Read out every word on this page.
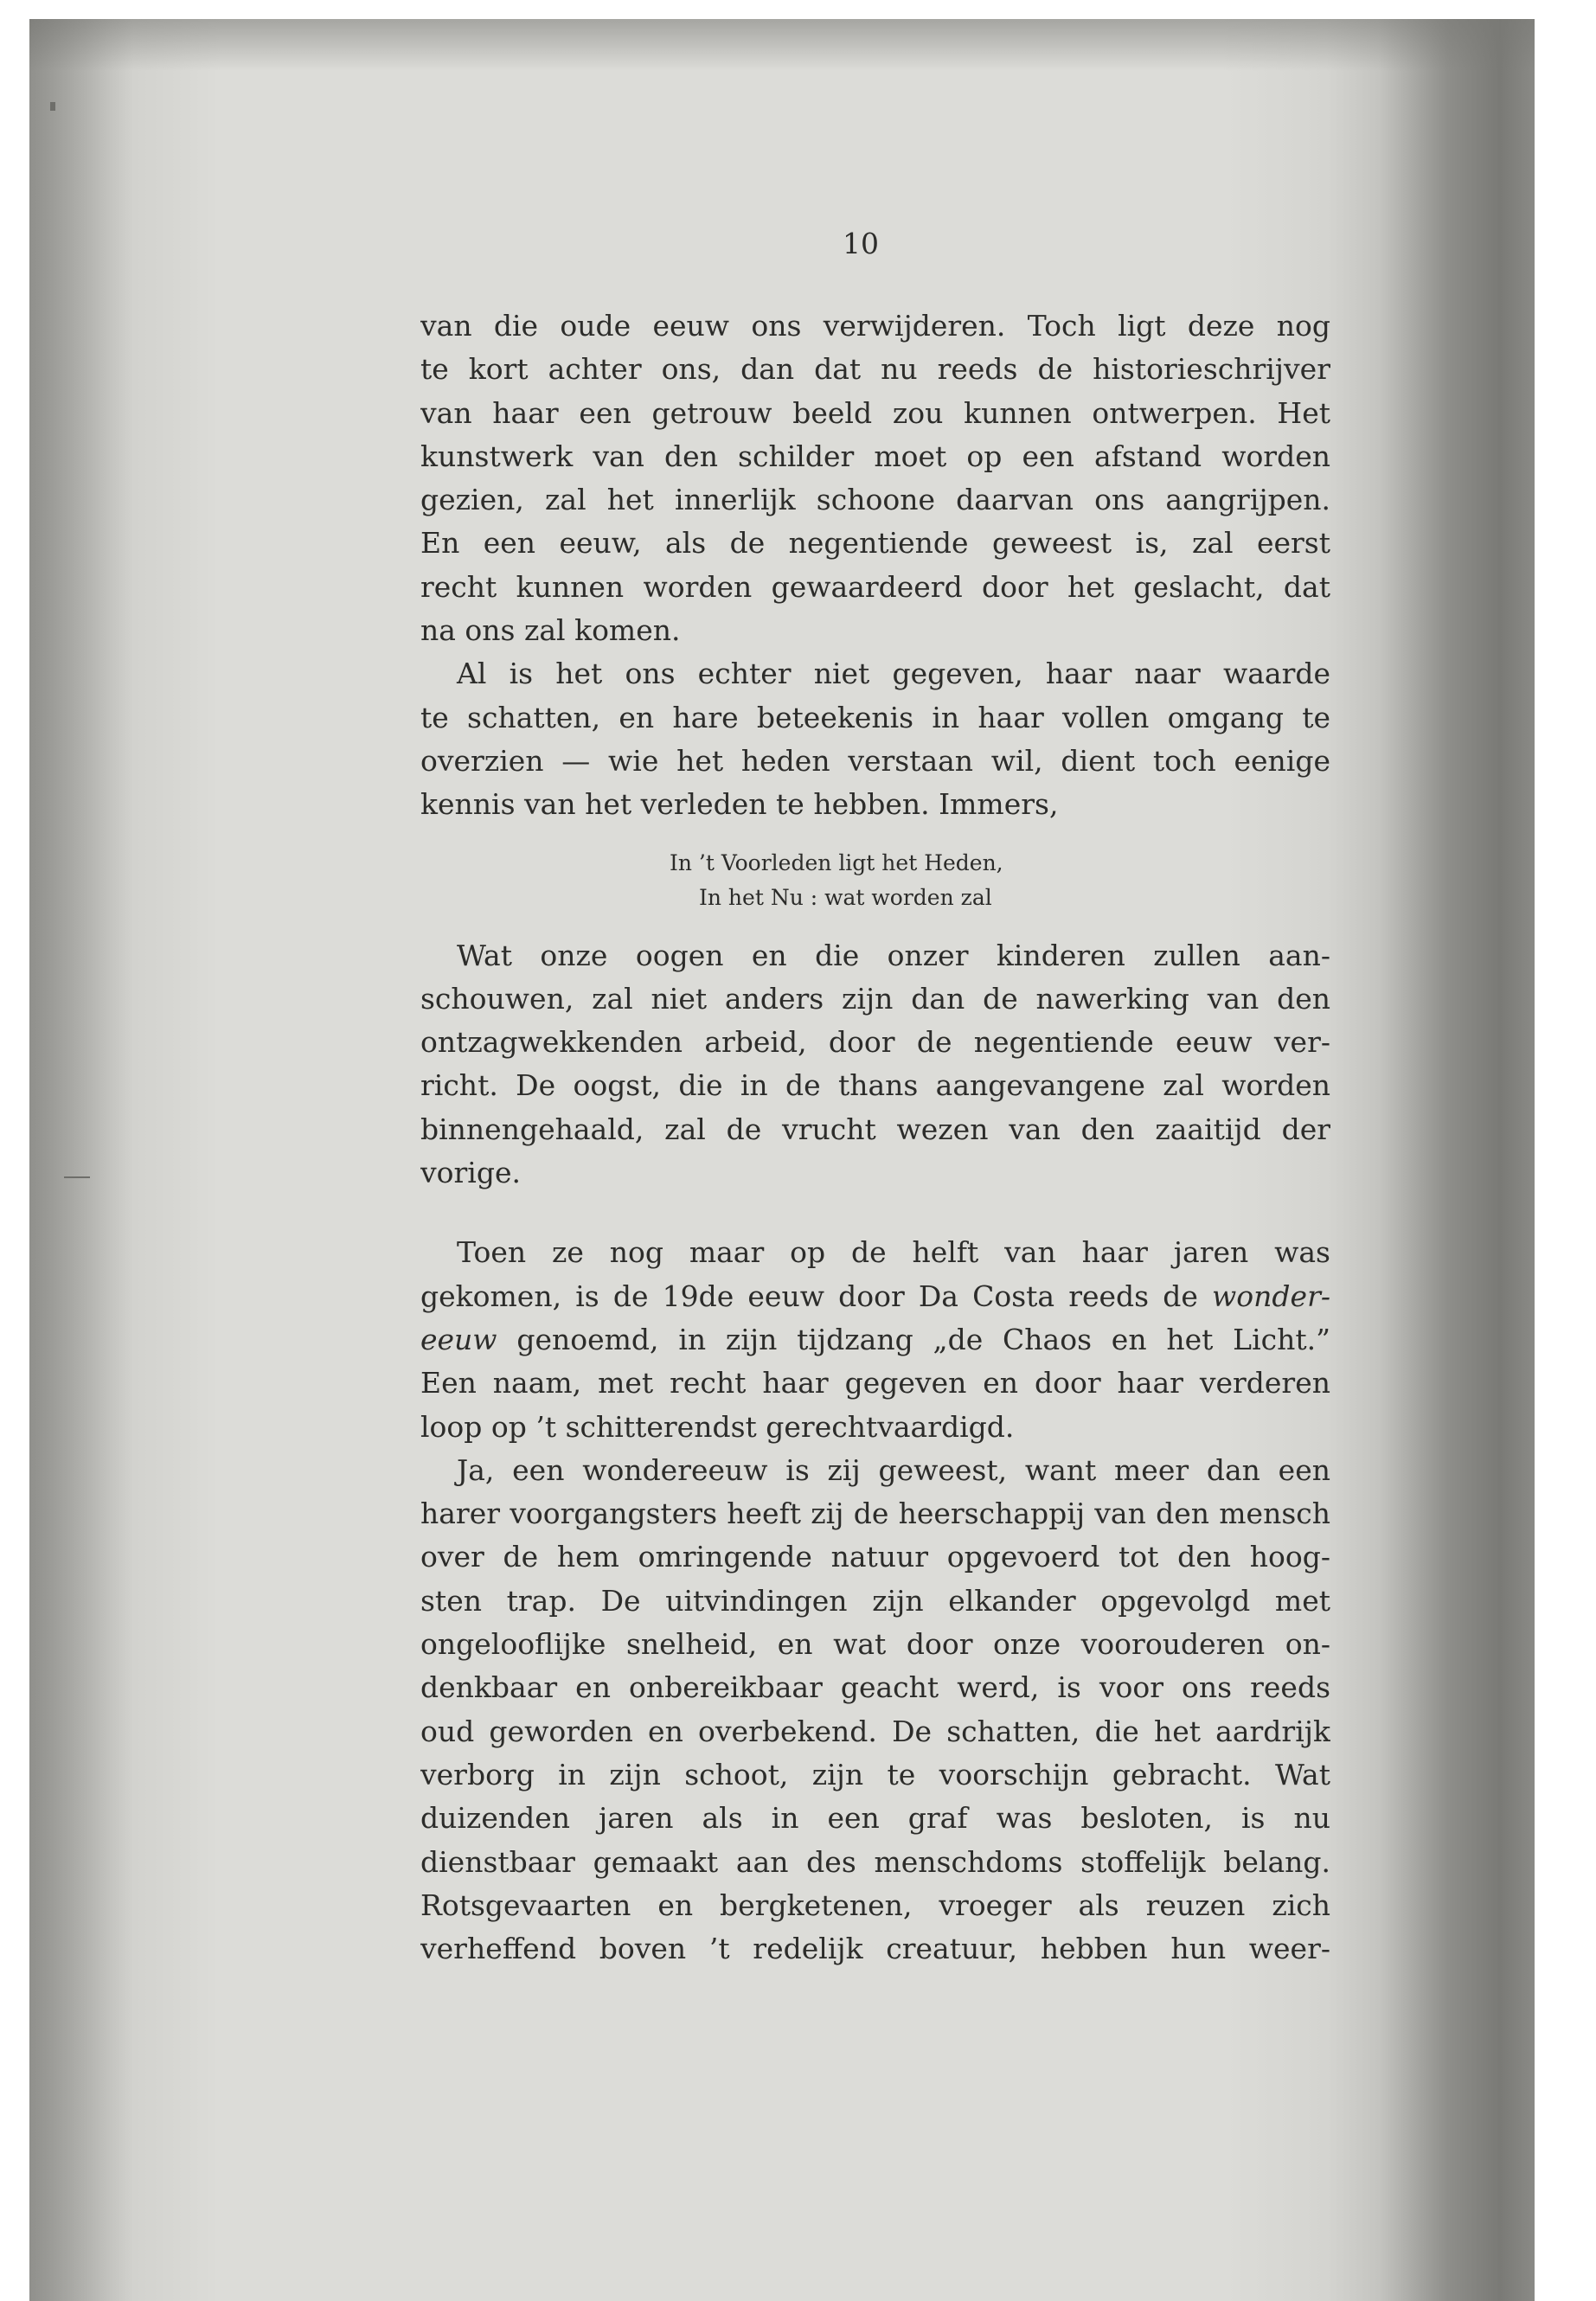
10
van die oude eeuw ons verwijderen. Toch ligt deze nog
te kort achter ons, dan dat nu reeds de historieschrijver
van haar een getrouw beeld zou kunnen ontwerpen. Het
kunstwerk van den schilder moet op een afstand worden
gezien, zal het innerlijk schoone daarvan ons aangrijpen.
En een eeuw, als de negentiende geweest is, zal eerst
recht kunnen worden gewaardeerd door het geslacht, dat
na ons zal komen.
Al is het ons echter niet gegeven, haar naar waarde
te schatten, en hare beteekenis in haar vollen omgang te
overzien — wie het heden verstaan wil, dient toch eenige
kennis van het verleden te hebben. Immers,
In ’t Voorleden ligt het Heden,
In het Nu : wat worden zal
Wat onze oogen en die onzer kinderen zullen aan-
schouwen, zal niet anders zijn dan de nawerking van den
ontzagwekkenden arbeid, door de negentiende eeuw ver-
richt. De oogst, die in de thans aangevangene zal worden
binnengehaald, zal de vrucht wezen van den zaaitijd der
vorige.
Toen ze nog maar op de helft van haar jaren was
gekomen, is de 19de eeuw door Da Costa reeds de wonder-
eeuw genoemd, in zijn tijdzang „de Chaos en het Licht.”
Een naam, met recht haar gegeven en door haar verderen
loop op ’t schitterendst gerechtvaardigd.
Ja, een wondereeuw is zij geweest, want meer dan een
harer voorgangsters heeft zij de heerschappij van den mensch
over de hem omringende natuur opgevoerd tot den hoog-
sten trap. De uitvindingen zijn elkander opgevolgd met
ongelooflijke snelheid, en wat door onze voorouderen on-
denkbaar en onbereikbaar geacht werd, is voor ons reeds
oud geworden en overbekend. De schatten, die het aardrijk
verborg in zijn schoot, zijn te voorschijn gebracht. Wat
duizenden jaren als in een graf was besloten, is nu
dienstbaar gemaakt aan des menschdoms stoffelijk belang.
Rotsgevaarten en bergketenen, vroeger als reuzen zich
verheffend boven ’t redelijk creatuur, hebben hun weer-
